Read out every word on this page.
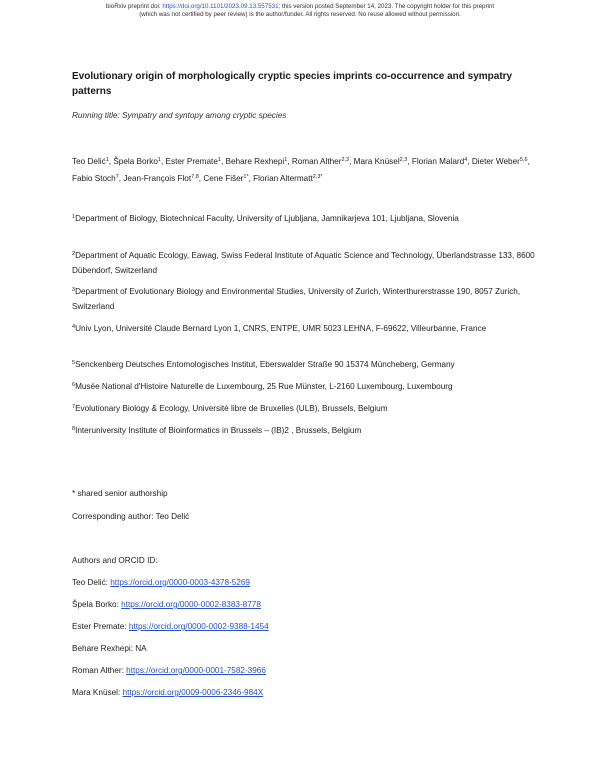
bioRxiv preprint doi: https://doi.org/10.1101/2023.09.13.557531; this version posted September 14, 2023. The copyright holder for this preprint
(which was not certified by peer review) is the author/funder. All rights reserved. No reuse allowed without permission.
Evolutionary origin of morphologically cryptic species imprints co-occurrence and sympatry patterns
Running title: Sympatry and syntopy among cryptic species
Teo Delić$^1$, Špela Borko$^1$, Ester Premate$^1$, Behare Rexhepi$^1$, Roman Alther$^{2,3}$, Mara Knüsel$^{2,3}$, Florian Malard$^4$, Dieter Weber$^{5,6}$, Fabio Stoch$^7$, Jean-François Flot$^{7,8}$, Cene Fišer$^{1*}$, Florian Altermatt$^{2,3*}$
$^1$Department of Biology, Biotechnical Faculty, University of Ljubljana, Jamnikarjeva 101, Ljubljana, Slovenia
$^2$Department of Aquatic Ecology, Eawag, Swiss Federal Institute of Aquatic Science and Technology, Überlandstrasse 133, 8600 Dübendorf, Switzerland
$^3$Department of Evolutionary Biology and Environmental Studies, University of Zurich, Winterthurerstrasse 190, 8057 Zurich, Switzerland
$^4$Univ Lyon, Université Claude Bernard Lyon 1, CNRS, ENTPE, UMR 5023 LEHNA, F-69622, Villeurbanne, France
$^5$Senckenberg Deutsches Entomologisches Institut, Eberswalder Straße 90 15374 Müncheberg, Germany
$^6$Musée National d'Histoire Naturelle de Luxembourg, 25 Rue Münster, L-2160 Luxembourg, Luxembourg
$^7$Evolutionary Biology & Ecology, Université libre de Bruxelles (ULB), Brussels, Belgium
$^8$Interuniversity Institute of Bioinformatics in Brussels – (IB)2 , Brussels, Belgium
* shared senior authorship
Corresponding author: Teo Delić
Authors and ORCID ID:
Teo Delić: https://orcid.org/0000-0003-4378-5269
Špela Borko: https://orcid.org/0000-0002-8383-8778
Ester Premate: https://orcid.org/0000-0002-9388-1454
Behare Rexhepi: NA
Roman Alther: https://orcid.org/0000-0001-7582-3966
Mara Knüsel: https://orcid.org/0009-0006-2346-984X
